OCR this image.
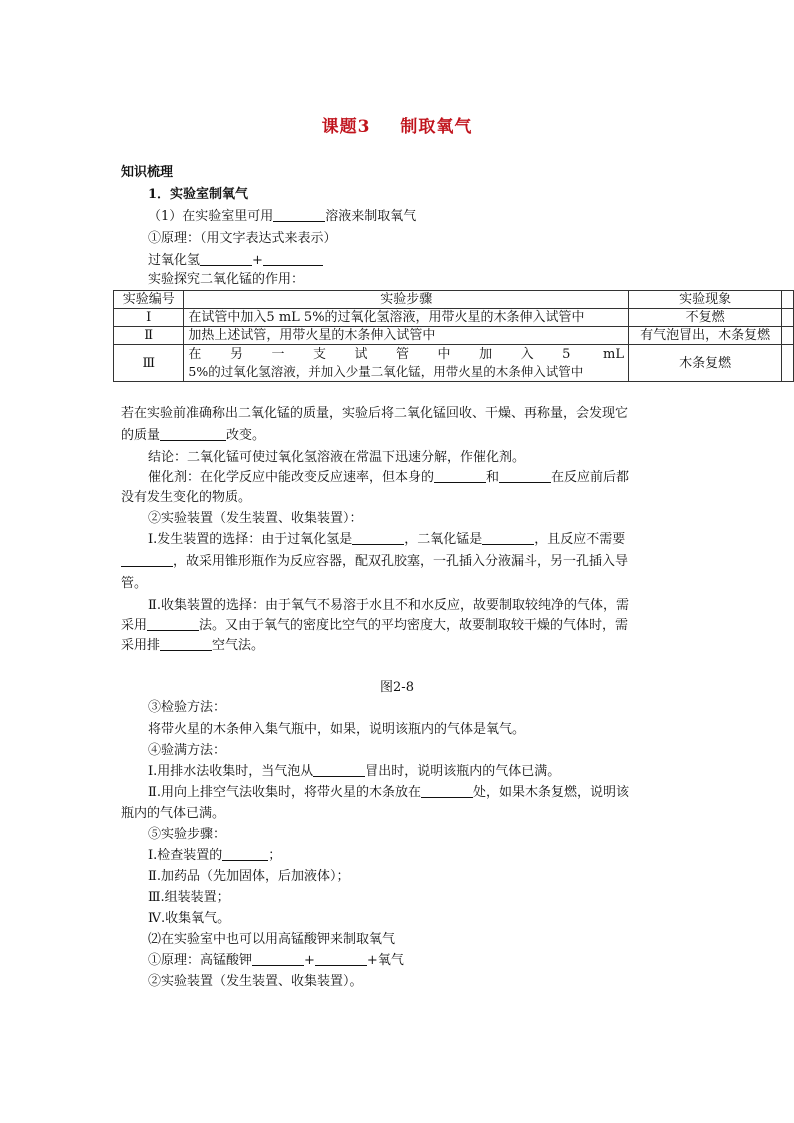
课题3 制取氧气
知识梳理
1．实验室制氧气
（1）在实验室里可用	溶液来制取氧气
①原理：（用文字表达式来表示）
过氧化氢	+
实验探究二氧化锰的作用：
实验编号	实验步骤	实验现象	
Ⅰ	在试管中加入5 mL 5%的过氧化氢溶液，用带火星的木条伸入试管中	不复燃	
Ⅱ	加热上述试管，用带火星的木条伸入试管中	有气泡冒出，木条复燃	
Ⅲ	在另一支试管中加入5 mL
5%的过氧化氢溶液，并加入少量二氧化锰，用带火星的木条伸入试管中	木条复燃	
若在实验前准确称出二氧化锰的质量，实验后将二氧化锰回收、干燥、再称量，会发现它
的质量	改变。
结论：二氧化锰可使过氧化氢溶液在常温下迅速分解，作催化剂。
催化剂：在化学反应中能改变反应速率，但本身的	和	在反应前后都
没有发生变化的物质。
②实验装置（发生装置、收集装置）：
Ⅰ.发生装置的选择：由于过氧化氢是	，二氧化锰是	，且反应不需要
，故采用锥形瓶作为反应容器，配双孔胶塞，一孔插入分液漏斗，另一孔插入导
管。
Ⅱ.收集装置的选择：由于氧气不易溶于水且不和水反应，故要制取较纯净的气体，需
采用	法。又由于氧气的密度比空气的平均密度大，故要制取较干燥的气体时，需
采用排	空气法。
图2-8
③检验方法：
将带火星的木条伸入集气瓶中，如果，说明该瓶内的气体是氧气。
④验满方法：
Ⅰ.用排水法收集时，当气泡从	冒出时，说明该瓶内的气体已满。
Ⅱ.用向上排空气法收集时，将带火星的木条放在	处，如果木条复燃，说明该
瓶内的气体已满。
⑤实验步骤：
Ⅰ.检查装置的	；
Ⅱ.加药品（先加固体，后加液体）；
Ⅲ.组装装置；
Ⅳ.收集氧气。
⑵在实验室中也可以用高锰酸钾来制取氧气
①原理：高锰酸钾	+	+氧气
②实验装置（发生装置、收集装置）。
